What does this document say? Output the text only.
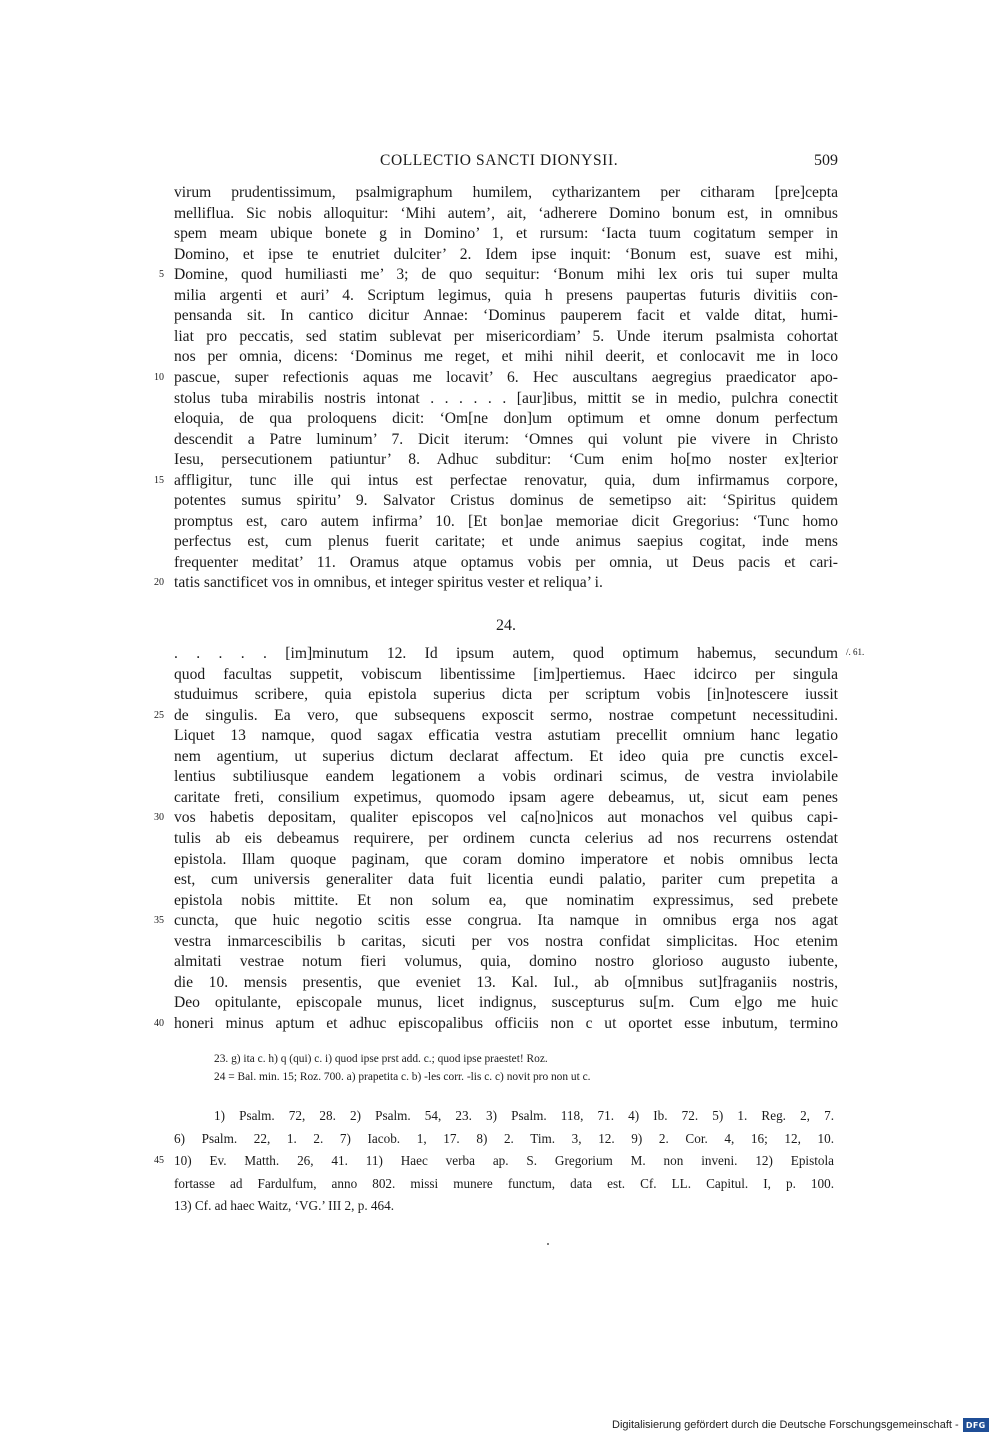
COLLECTIO SANCTI DIONYSII.	509
virum prudentissimum, psalmigraphum humilem, cytharizantem per citharam [pre]cepta
melliflua. Sic nobis alloquitur: ‘Mihi autem’, ait, ‘adherere Domino bonum est, in omnibus
spem meam ubique bonete g in Domino’ 1, et rursum: ‘Iacta tuum cogitatum semper in
Domino, et ipse te enutriet dulciter’ 2. Idem ipse inquit: ‘Bonum est, suave est mihi,
5 Domine, quod humiliasti me’ 3; de quo sequitur: ‘Bonum mihi lex oris tui super multa
milia argenti et auri’ 4. Scriptum legimus, quia h presens paupertas futuris divitiis con-
pensanda sit. In cantico dicitur Annae: ‘Dominus pauperem facit et valde ditat, humi-
liat pro peccatis, sed statim sublevat per misericordiam’ 5. Unde iterum psalmista cohortat
nos per omnia, dicens: ‘Dominus me reget, et mihi nihil deerit, et conlocavit me in loco
10 pascue, super refectionis aquas me locavit’ 6. Hec auscultans aegregius praedicator apo-
stolus tuba mirabilis nostris intonat . . . . . . [aur]ibus, mittit se in medio, pulchra conectit
eloquia, de qua proloquens dicit: ‘Om[ne don]um optimum et omne donum perfectum
descendit a Patre luminum’ 7. Dicit iterum: ‘Omnes qui volunt pie vivere in Christo
Iesu, persecutionem patiuntur’ 8. Adhuc subditur: ‘Cum enim ho[mo noster ex]terior
15 affligitur, tunc ille qui intus est perfectae renovatur, quia, dum infirmamus corpore,
potentes sumus spiritu’ 9. Salvator Cristus dominus de semetipso ait: ‘Spiritus quidem
promptus est, caro autem infirma’ 10. [Et bon]ae memoriae dicit Gregorius: ‘Tunc homo
perfectus est, cum plenus fuerit caritate; et unde animus saepius cogitat, inde mens
frequenter meditat’ 11. Oramus atque optamus vobis per omnia, ut Deus pacis et cari-
20 tatis sanctificet vos in omnibus, et integer spiritus vester et reliqua’ i.
24.
/. 61.
. . . . . [im]minutum 12. Id ipsum autem, quod optimum habemus, secundum
quod facultas suppetit, vobiscum libentissime [im]pertiemus. Haec idcirco per singula
studuimus scribere, quia epistola superius dicta per scriptum vobis [in]notescere iussit
25 de singulis. Ea vero, que subsequens exposcit sermo, nostrae competunt necessitudini.
Liquet 13 namque, quod sagax efficatia vestra astutiam precellit omnium hanc legatio
nem agentium, ut superius dictum declarat affectum. Et ideo quia pre cunctis excel-
lentius subtiliusque eandem legationem a vobis ordinari scimus, de vestra inviolabile
caritate freti, consilium expetimus, quomodo ipsam agere debeamus, ut, sicut eam penes
30 vos habetis depositam, qualiter episcopos vel ca[no]nicos aut monachos vel quibus capi-
tulis ab eis debeamus requirere, per ordinem cuncta celerius ad nos recurrens ostendat
epistola. Illam quoque paginam, que coram domino imperatore et nobis omnibus lecta
est, cum universis generaliter data fuit licentia eundi palatio, pariter cum prepetita a
epistola nobis mittite. Et non solum ea, que nominatim expressimus, sed prebete
35 cuncta, que huic negotio scitis esse congrua. Ita namque in omnibus erga nos agat
vestra inmarcescibilis b caritas, sicuti per vos nostra confidat simplicitas. Hoc etenim
almitati vestrae notum fieri volumus, quia, domino nostro glorioso augusto iubente,
die 10. mensis presentis, que eveniet 13. Kal. Iul., ab o[mnibus sut]fraganiis nostris,
Deo opitulante, episcopale munus, licet indignus, suscepturus su[m. Cum e]go me huic
40 honeri minus aptum et adhuc episcopalibus officiis non c ut oportet esse inbutum, termino
23. g) ita c. h) q (qui) c. i) quod ipse prst add. c.; quod ipse praestet! Roz.
24 = Bal. min. 15; Roz. 700. a) prapetita c. b) -les corr. -lis c. c) novit pro non ut c.
1) Psalm. 72, 28. 2) Psalm. 54, 23. 3) Psalm. 118, 71. 4) Ib. 72. 5) 1. Reg. 2, 7.
6) Psalm. 22, 1. 2. 7) Iacob. 1, 17. 8) 2. Tim. 3, 12. 9) 2. Cor. 4, 16; 12, 10.
45 10) Ev. Matth. 26, 41. 11) Haec verba ap. S. Gregorium M. non inveni. 12) Epistola
fortasse ad Fardulfum, anno 802. missi munere functum, data est. Cf. LL. Capitul. I, p. 100.
13) Cf. ad haec Waitz, ‘VG.’ III 2, p. 464.
Digitalisierung gefördert durch die Deutsche Forschungsgemeinschaft - DFG
